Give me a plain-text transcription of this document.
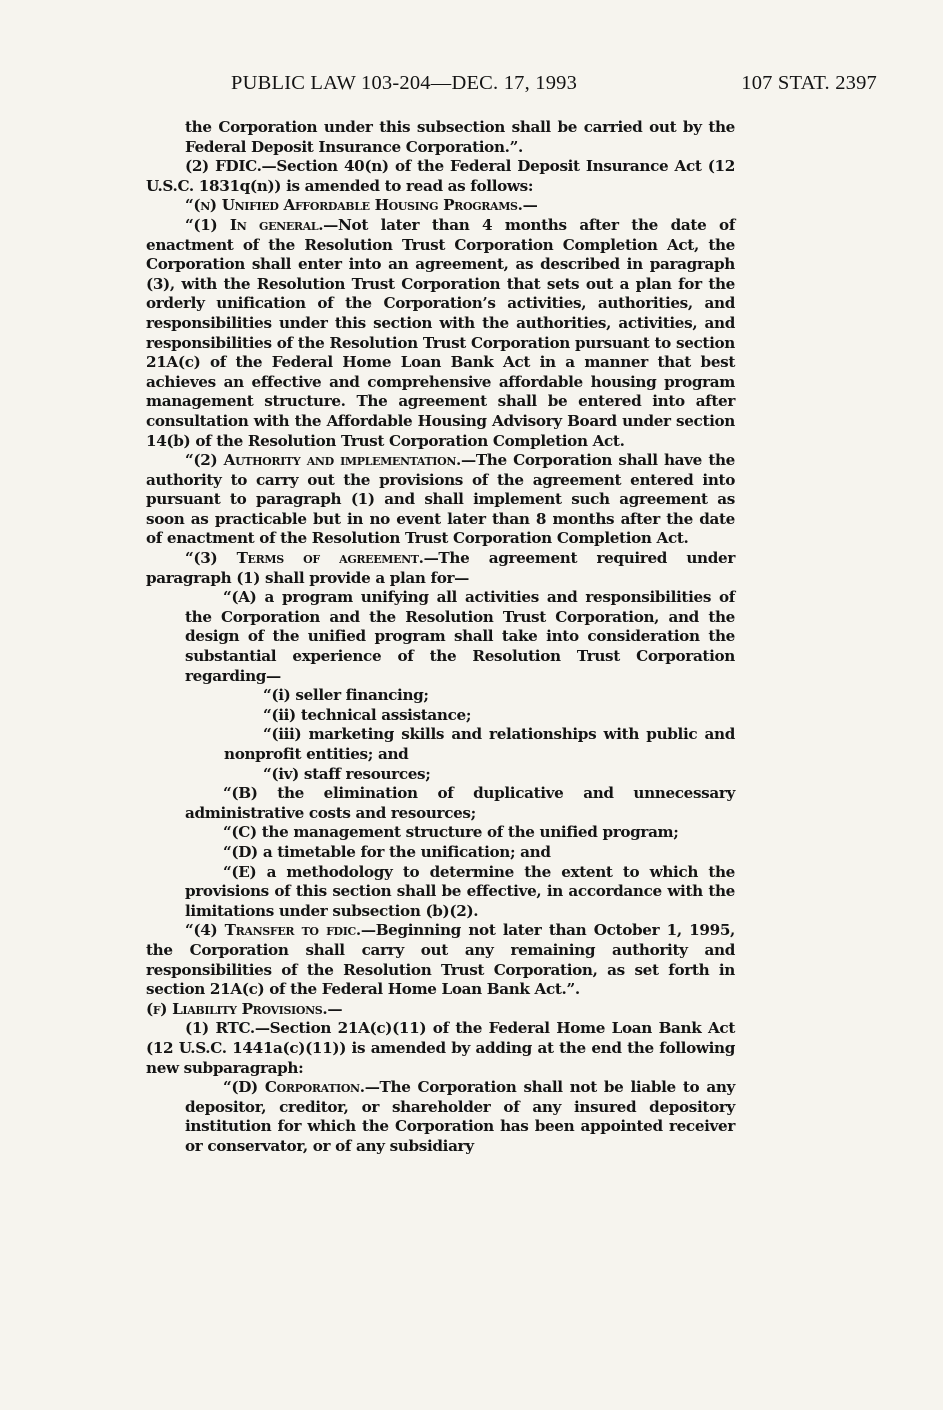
PUBLIC LAW 103-204—DEC. 17, 1993	107 STAT. 2397

the Corporation under this subsection shall be carried out by the Federal Deposit Insurance Corporation.”.

(2) FDIC.—Section 40(n) of the Federal Deposit Insurance Act (12 U.S.C. 1831q(n)) is amended to read as follows:

“(n) Unified Affordable Housing Programs.—

“(1) In general.—Not later than 4 months after the date of enactment of the Resolution Trust Corporation Completion Act, the Corporation shall enter into an agreement, as described in paragraph (3), with the Resolution Trust Corporation that sets out a plan for the orderly unification of the Corporation’s activities, authorities, and responsibilities under this section with the authorities, activities, and responsibilities of the Resolution Trust Corporation pursuant to section 21A(c) of the Federal Home Loan Bank Act in a manner that best achieves an effective and comprehensive affordable housing program management structure. The agreement shall be entered into after consultation with the Affordable Housing Advisory Board under section 14(b) of the Resolution Trust Corporation Completion Act.

“(2) Authority and implementation.—The Corporation shall have the authority to carry out the provisions of the agreement entered into pursuant to paragraph (1) and shall implement such agreement as soon as practicable but in no event later than 8 months after the date of enactment of the Resolution Trust Corporation Completion Act.

“(3) Terms of agreement.—The agreement required under paragraph (1) shall provide a plan for—

“(A) a program unifying all activities and responsibilities of the Corporation and the Resolution Trust Corporation, and the design of the unified program shall take into consideration the substantial experience of the Resolution Trust Corporation regarding—

“(i) seller financing;

“(ii) technical assistance;

“(iii) marketing skills and relationships with public and nonprofit entities; and

“(iv) staff resources;

“(B) the elimination of duplicative and unnecessary administrative costs and resources;

“(C) the management structure of the unified program;

“(D) a timetable for the unification; and

“(E) a methodology to determine the extent to which the provisions of this section shall be effective, in accordance with the limitations under subsection (b)(2).

“(4) Transfer to fdic.—Beginning not later than October 1, 1995, the Corporation shall carry out any remaining authority and responsibilities of the Resolution Trust Corporation, as set forth in section 21A(c) of the Federal Home Loan Bank Act.”.

(f) Liability Provisions.—

(1) RTC.—Section 21A(c)(11) of the Federal Home Loan Bank Act (12 U.S.C. 1441a(c)(11)) is amended by adding at the end the following new subparagraph:

“(D) Corporation.—The Corporation shall not be liable to any depositor, creditor, or shareholder of any insured depository institution for which the Corporation has been appointed receiver or conservator, or of any subsidiary
